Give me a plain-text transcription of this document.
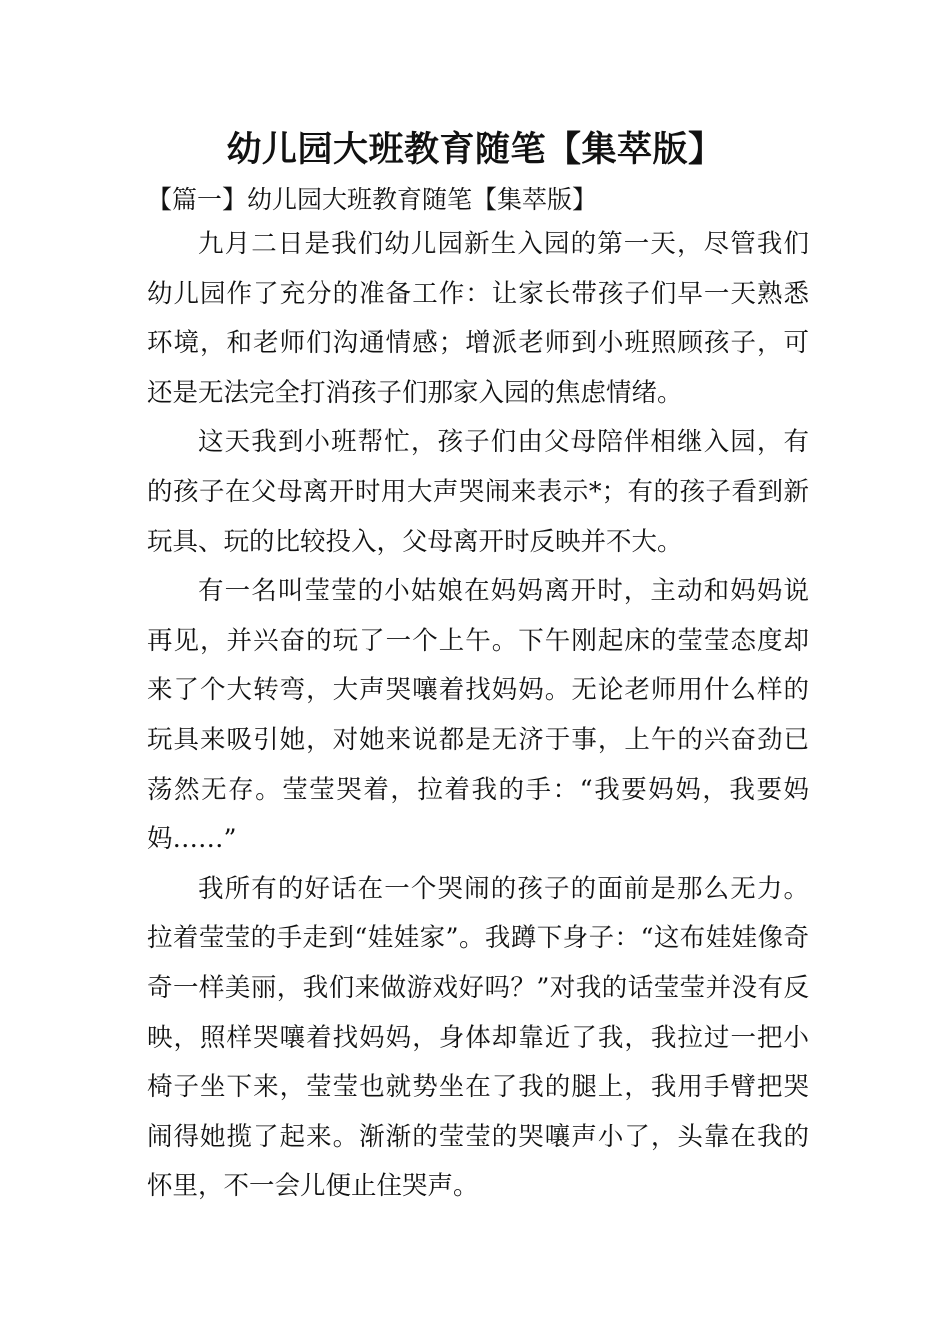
幼儿园大班教育随笔【集萃版】

【篇一】幼儿园大班教育随笔【集萃版】

九月二日是我们幼儿园新生入园的第一天，尽管我们幼儿园作了充分的准备工作：让家长带孩子们早一天熟悉环境，和老师们沟通情感；增派老师到小班照顾孩子，可还是无法完全打消孩子们那家入园的焦虑情绪。

这天我到小班帮忙，孩子们由父母陪伴相继入园，有的孩子在父母离开时用大声哭闹来表示*；有的孩子看到新玩具、玩的比较投入，父母离开时反映并不大。

有一名叫莹莹的小姑娘在妈妈离开时，主动和妈妈说再见，并兴奋的玩了一个上午。下午刚起床的莹莹态度却来了个大转弯，大声哭嚷着找妈妈。无论老师用什么样的玩具来吸引她，对她来说都是无济于事，上午的兴奋劲已荡然无存。莹莹哭着，拉着我的手：“我要妈妈，我要妈妈……”

我所有的好话在一个哭闹的孩子的面前是那么无力。拉着莹莹的手走到“娃娃家”。我蹲下身子：“这布娃娃像奇奇一样美丽，我们来做游戏好吗？”对我的话莹莹并没有反映，照样哭嚷着找妈妈，身体却靠近了我，我拉过一把小椅子坐下来，莹莹也就势坐在了我的腿上，我用手臂把哭闹得她揽了起来。渐渐的莹莹的哭嚷声小了，头靠在我的怀里，不一会儿便止住哭声。
